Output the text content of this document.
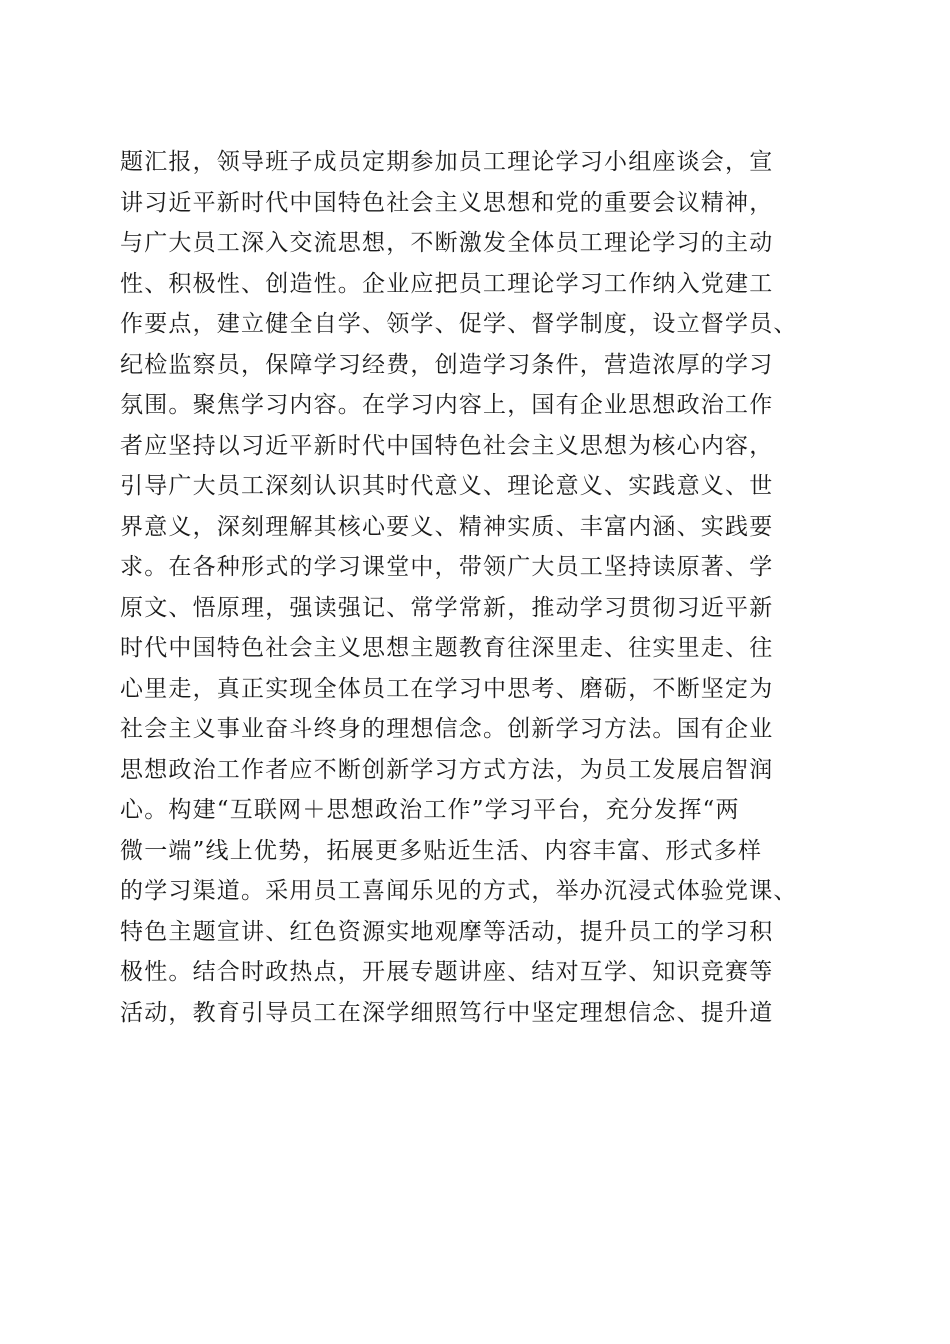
题汇报，领导班子成员定期参加员工理论学习小组座谈会，宣
讲习近平新时代中国特色社会主义思想和党的重要会议精神，
与广大员工深入交流思想，不断激发全体员工理论学习的主动
性、积极性、创造性。企业应把员工理论学习工作纳入党建工
作要点，建立健全自学、领学、促学、督学制度，设立督学员、
纪检监察员，保障学习经费，创造学习条件，营造浓厚的学习
氛围。聚焦学习内容。在学习内容上，国有企业思想政治工作
者应坚持以习近平新时代中国特色社会主义思想为核心内容，
引导广大员工深刻认识其时代意义、理论意义、实践意义、世
界意义，深刻理解其核心要义、精神实质、丰富内涵、实践要
求。在各种形式的学习课堂中，带领广大员工坚持读原著、学
原文、悟原理，强读强记、常学常新，推动学习贯彻习近平新
时代中国特色社会主义思想主题教育往深里走、往实里走、往
心里走，真正实现全体员工在学习中思考、磨砺，不断坚定为
社会主义事业奋斗终身的理想信念。创新学习方法。国有企业
思想政治工作者应不断创新学习方式方法，为员工发展启智润
心。构建“互联网＋思想政治工作”学习平台，充分发挥“两
微一端”线上优势，拓展更多贴近生活、内容丰富、形式多样
的学习渠道。采用员工喜闻乐见的方式，举办沉浸式体验党课、
特色主题宣讲、红色资源实地观摩等活动，提升员工的学习积
极性。结合时政热点，开展专题讲座、结对互学、知识竞赛等
活动，教育引导员工在深学细照笃行中坚定理想信念、提升道
